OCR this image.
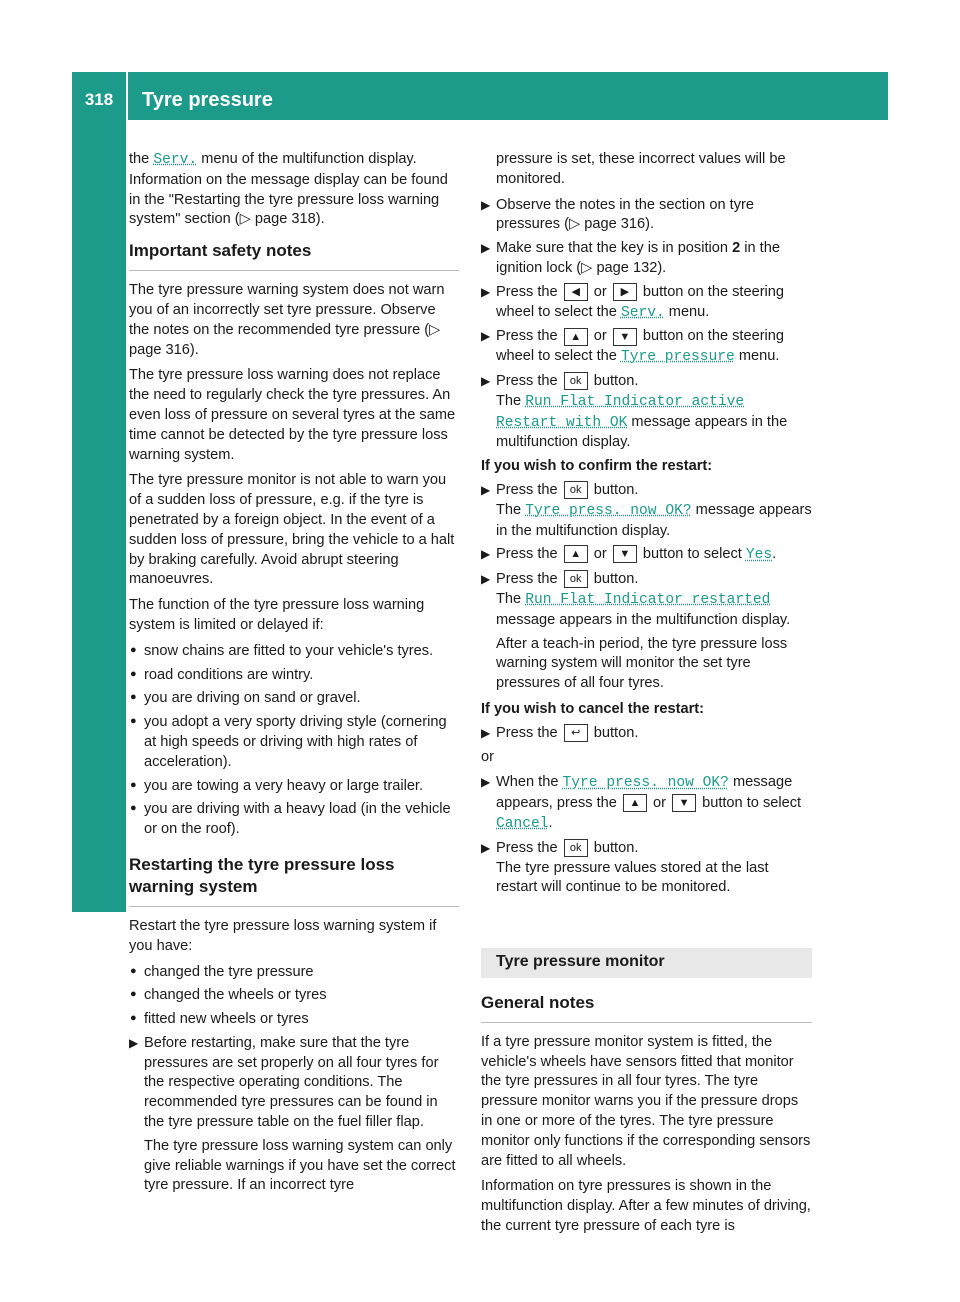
318	Tyre pressure
Wheels and tyres

the Serv. menu of the multifunction display. Information on the message display can be found in the "Restarting the tyre pressure loss warning system" section (▷ page 318).

Important safety notes

The tyre pressure warning system does not warn you of an incorrectly set tyre pressure. Observe the notes on the recommended tyre pressure (▷ page 316).

The tyre pressure loss warning does not replace the need to regularly check the tyre pressures. An even loss of pressure on several tyres at the same time cannot be detected by the tyre pressure loss warning system.

The tyre pressure monitor is not able to warn you of a sudden loss of pressure, e.g. if the tyre is penetrated by a foreign object. In the event of a sudden loss of pressure, bring the vehicle to a halt by braking carefully. Avoid abrupt steering manoeuvres.

The function of the tyre pressure loss warning system is limited or delayed if:

● snow chains are fitted to your vehicle's tyres.
● road conditions are wintry.
● you are driving on sand or gravel.
● you adopt a very sporty driving style (cornering at high speeds or driving with high rates of acceleration).
● you are towing a very heavy or large trailer.
● you are driving with a heavy load (in the vehicle or on the roof).
Restarting the tyre pressure loss warning system

Restart the tyre pressure loss warning system if you have:

● changed the tyre pressure
● changed the wheels or tyres
● fitted new wheels or tyres
▶ Before restarting, make sure that the tyre pressures are set properly on all four tyres for the respective operating conditions. The recommended tyre pressures can be found in the tyre pressure table on the fuel filler flap.

The tyre pressure loss warning system can only give reliable warnings if you have set the correct tyre pressure. If an incorrect tyre

pressure is set, these incorrect values will be monitored.

▶ Observe the notes in the section on tyre pressures (▷ page 316).
▶ Make sure that the key is in position 2 in the ignition lock (▷ page 132).
▶ Press the ◀ or ▶ button on the steering wheel to select the Serv. menu.
▶ Press the ▲ or ▼ button on the steering wheel to select the Tyre pressure menu.
▶ Press the ok button.
The Run Flat Indicator active
Restart with OK message appears in the multifunction display.
If you wish to confirm the restart:
▶ Press the ok button.
The Tyre press. now OK? message appears in the multifunction display.
▶ Press the ▲ or ▼ button to select Yes.
▶ Press the ok button.
The Run Flat Indicator restarted message appears in the multifunction display.

After a teach-in period, the tyre pressure loss warning system will monitor the set tyre pressures of all four tyres.

If you wish to cancel the restart:
▶ Press the ↩ button.

or

▶ When the Tyre press. now OK? message appears, press the ▲ or ▼ button to select Cancel.
▶ Press the ok button.
The tyre pressure values stored at the last restart will continue to be monitored.
Tyre pressure monitor
General notes

If a tyre pressure monitor system is fitted, the vehicle's wheels have sensors fitted that monitor the tyre pressures in all four tyres. The tyre pressure monitor warns you if the pressure drops in one or more of the tyres. The tyre pressure monitor only functions if the corresponding sensors are fitted to all wheels.

Information on tyre pressures is shown in the multifunction display. After a few minutes of driving, the current tyre pressure of each tyre is
